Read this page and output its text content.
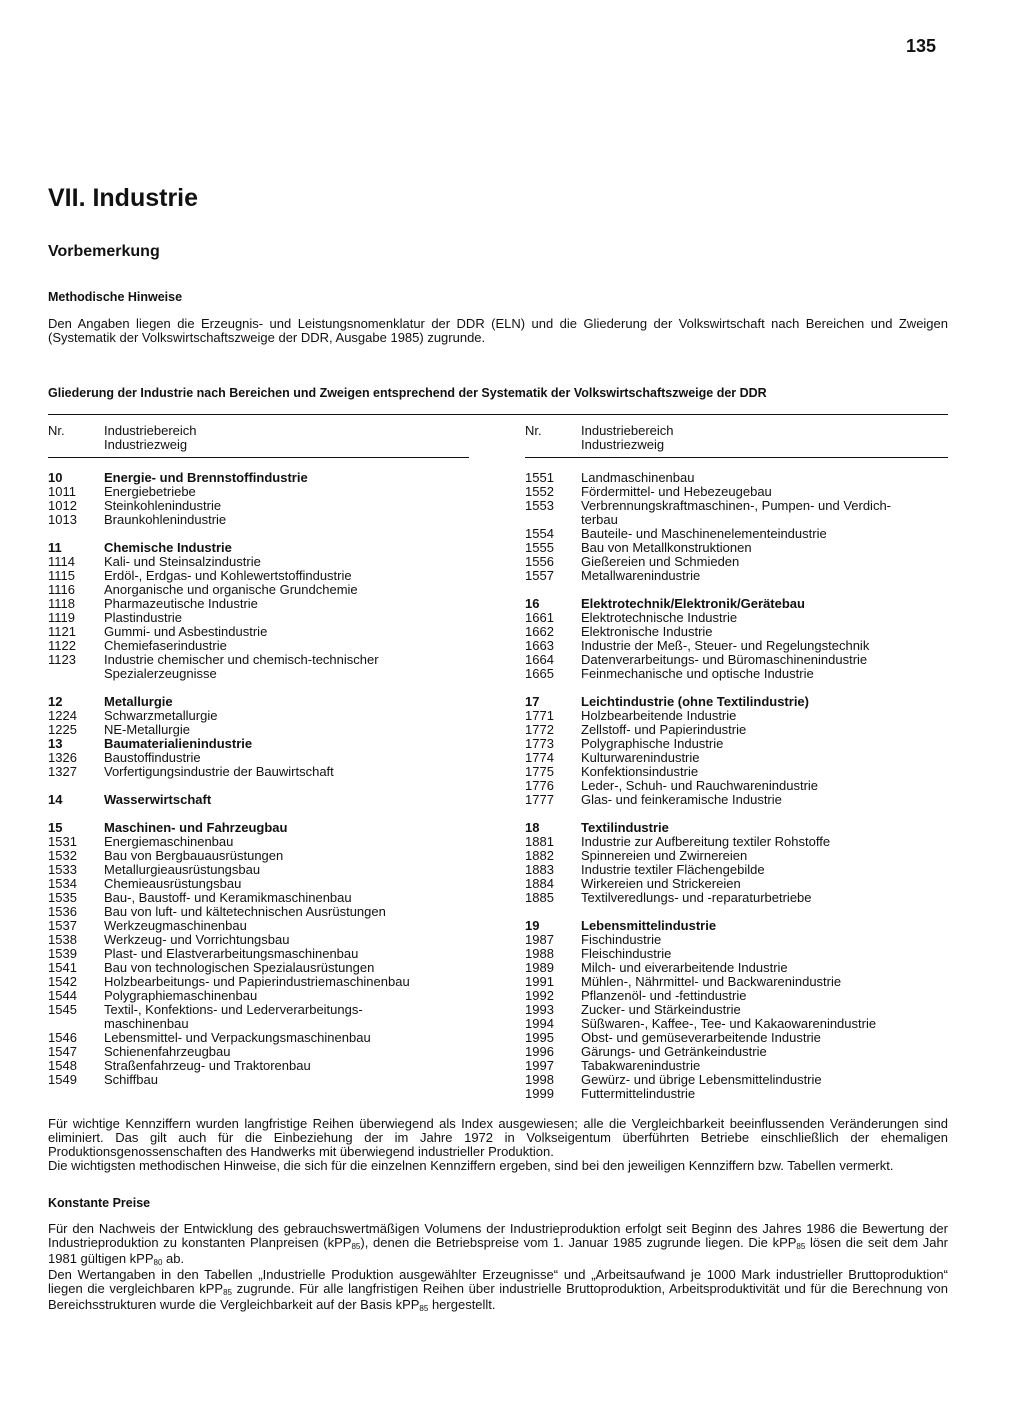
135
VII. Industrie
Vorbemerkung
Methodische Hinweise

Den Angaben liegen die Erzeugnis- und Leistungsnomenklatur der DDR (ELN) und die Gliederung der Volkswirtschaft nach Bereichen und Zweigen (Systematik der Volkswirtschaftszweige der DDR, Ausgabe 1985) zugrunde.

Gliederung der Industrie nach Bereichen und Zweigen entsprechend der Systematik der Volkswirtschaftszweige der DDR
Nr.	Industriebereich
Industriezweig
Nr.	Industriebereich
Industriezweig
10	Energie- und Brennstoffindustrie
1011	Energiebetriebe
1012	Steinkohlenindustrie
1013	Braunkohlenindustrie
11	Chemische Industrie
1114	Kali- und Steinsalzindustrie
1115	Erdöl-, Erdgas- und Kohlewertstoffindustrie
1116	Anorganische und organische Grundchemie
1118	Pharmazeutische Industrie
1119	Plastindustrie
1121	Gummi- und Asbestindustrie
1122	Chemiefaserindustrie
1123	Industrie chemischer und chemisch-technischer
Spezialerzeugnisse
12	Metallurgie
1224	Schwarzmetallurgie
1225	NE-Metallurgie
13	Baumaterialienindustrie
1326	Baustoffindustrie
1327	Vorfertigungsindustrie der Bauwirtschaft
14	Wasserwirtschaft
15	Maschinen- und Fahrzeugbau
1531	Energiemaschinenbau
1532	Bau von Bergbauausrüstungen
1533	Metallurgieausrüstungsbau
1534	Chemieausrüstungsbau
1535	Bau-, Baustoff- und Keramikmaschinenbau
1536	Bau von luft- und kältetechnischen Ausrüstungen
1537	Werkzeugmaschinenbau
1538	Werkzeug- und Vorrichtungsbau
1539	Plast- und Elastverarbeitungsmaschinenbau
1541	Bau von technologischen Spezialausrüstungen
1542	Holzbearbeitungs- und Papierindustriemaschinenbau
1544	Polygraphiemaschinenbau
1545	Textil-, Konfektions- und Lederverarbeitungs-
maschinenbau
1546	Lebensmittel- und Verpackungsmaschinenbau
1547	Schienenfahrzeugbau
1548	Straßenfahrzeug- und Traktorenbau
1549	Schiffbau
1551	Landmaschinenbau
1552	Fördermittel- und Hebezeugebau
1553	Verbrennungskraftmaschinen-, Pumpen- und Verdich-
terbau
1554	Bauteile- und Maschinenelementeindustrie
1555	Bau von Metallkonstruktionen
1556	Gießereien und Schmieden
1557	Metallwarenindustrie
16	Elektrotechnik/Elektronik/Gerätebau
1661	Elektrotechnische Industrie
1662	Elektronische Industrie
1663	Industrie der Meß-, Steuer- und Regelungstechnik
1664	Datenverarbeitungs- und Büromaschinenindustrie
1665	Feinmechanische und optische Industrie
17	Leichtindustrie (ohne Textilindustrie)
1771	Holzbearbeitende Industrie
1772	Zellstoff- und Papierindustrie
1773	Polygraphische Industrie
1774	Kulturwarenindustrie
1775	Konfektionsindustrie
1776	Leder-, Schuh- und Rauchwarenindustrie
1777	Glas- und feinkeramische Industrie
18	Textilindustrie
1881	Industrie zur Aufbereitung textiler Rohstoffe
1882	Spinnereien und Zwirnereien
1883	Industrie textiler Flächengebilde
1884	Wirkereien und Strickereien
1885	Textilveredlungs- und -reparaturbetriebe
19	Lebensmittelindustrie
1987	Fischindustrie
1988	Fleischindustrie
1989	Milch- und eiverarbeitende Industrie
1991	Mühlen-, Nährmittel- und Backwarenindustrie
1992	Pflanzenöl- und -fettindustrie
1993	Zucker- und Stärkeindustrie
1994	Süßwaren-, Kaffee-, Tee- und Kakaowarenindustrie
1995	Obst- und gemüseverarbeitende Industrie
1996	Gärungs- und Getränkeindustrie
1997	Tabakwarenindustrie
1998	Gewürz- und übrige Lebensmittelindustrie
1999	Futtermittelindustrie

Für wichtige Kennziffern wurden langfristige Reihen überwiegend als Index ausgewiesen; alle die Vergleichbarkeit beeinflussenden Veränderungen sind eliminiert. Das gilt auch für die Einbeziehung der im Jahre 1972 in Volkseigentum überführten Betriebe einschließlich der ehemaligen Produktionsgenossenschaften des Handwerks mit überwiegend industrieller Produktion.

Die wichtigsten methodischen Hinweise, die sich für die einzelnen Kennziffern ergeben, sind bei den jeweiligen Kennziffern bzw. Tabellen vermerkt.

Konstante Preise

Für den Nachweis der Entwicklung des gebrauchswertmäßigen Volumens der Industrieproduktion erfolgt seit Beginn des Jahres 1986 die Bewertung der Industrieproduktion zu konstanten Planpreisen (kPP$_{85}$), denen die Betriebspreise vom 1. Januar 1985 zugrunde liegen. Die kPP$_{85}$ lösen die seit dem Jahr 1981 gültigen kPP$_{80}$ ab.

Den Wertangaben in den Tabellen „Industrielle Produktion ausgewählter Erzeugnisse“ und „Arbeitsaufwand je 1000 Mark industrieller Bruttoproduktion“ liegen die vergleichbaren kPP$_{85}$ zugrunde. Für alle langfristigen Reihen über industrielle Bruttoproduktion, Arbeitsproduktivität und für die Berechnung von Bereichsstrukturen wurde die Vergleichbarkeit auf der Basis kPP$_{85}$ hergestellt.
